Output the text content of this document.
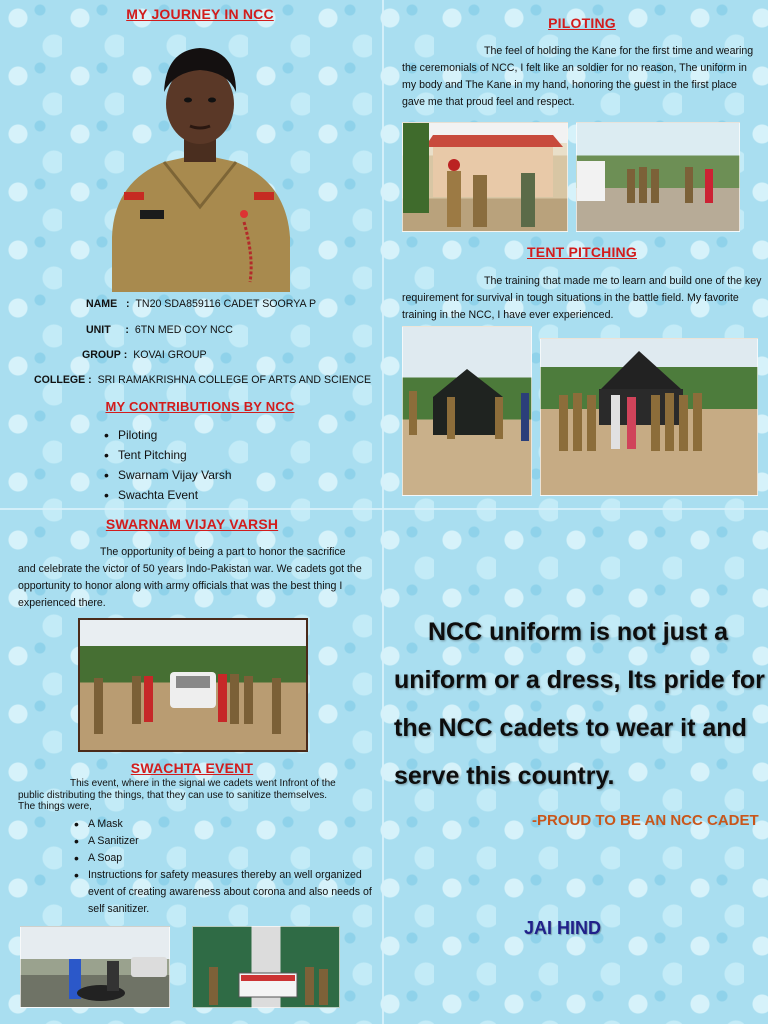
MY JOURNEY IN NCC
NAME   :  TN20 SDA859116 CADET SOORYA P
UNIT     :  6TN MED COY NCC
GROUP :  KOVAI GROUP
COLLEGE :  SRI RAMAKRISHNA COLLEGE OF ARTS AND SCIENCE
MY CONTRIBUTIONS BY NCC
• Piloting
• Tent Pitching
• Swarnam Vijay Varsh
• Swachta Event
PILOTING
The feel of holding the Kane for the first time and wearing the ceremonials of NCC, I felt like an soldier for no reason, The uniform in my body and The Kane in my hand, honoring the guest in the first place gave me that proud feel and respect.
TENT PITCHING
The training that made me to learn and build one of the key requirement for survival in tough situations in the battle field. My favorite training in the NCC, I have ever experienced.
SWARNAM VIJAY VARSH
The opportunity of being a part to honor the sacrifice and celebrate the victor of 50 years Indo-Pakistan war. We cadets got the opportunity to honor along with army officials that was the best thing I experienced there.
SWACHTA EVENT
This event, where in the signal we cadets went Infront of the public distributing the things, that they can use to sanitize themselves. The things were,
• A Mask
• A Sanitizer
• A Soap
• Instructions for safety measures thereby an well organized event of creating awareness about corona and also needs of self sanitizer.
NCC uniform is not just a uniform or a dress, Its pride for the NCC cadets to wear it and serve this country.
-PROUD TO BE AN NCC CADET
JAI HIND
